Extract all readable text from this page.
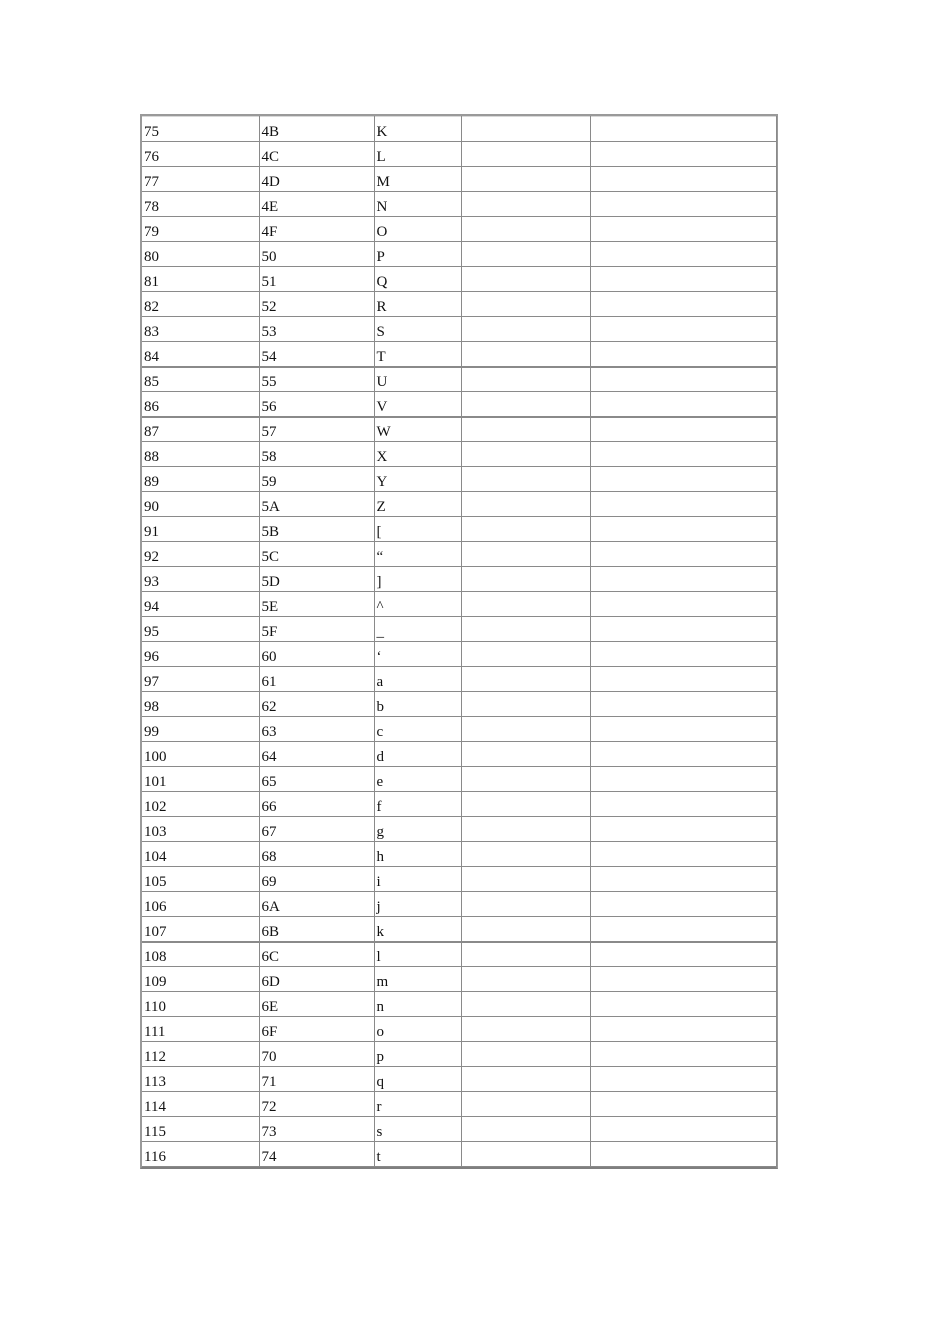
75	4B	K		
76	4C	L		
77	4D	M		
78	4E	N		
79	4F	O		
80	50	P		
81	51	Q		
82	52	R		
83	53	S		
84	54	T		
85	55	U		
86	56	V		
87	57	W		
88	58	X		
89	59	Y		
90	5A	Z		
91	5B	[		
92	5C	“		
93	5D	]		
94	5E	^		
95	5F	_		
96	60	‘		
97	61	a		
98	62	b		
99	63	c		
100	64	d		
101	65	e		
102	66	f		
103	67	g		
104	68	h		
105	69	i		
106	6A	j		
107	6B	k		
108	6C	l		
109	6D	m		
110	6E	n		
111	6F	o		
112	70	p		
113	71	q		
114	72	r		
115	73	s		
116	74	t		
